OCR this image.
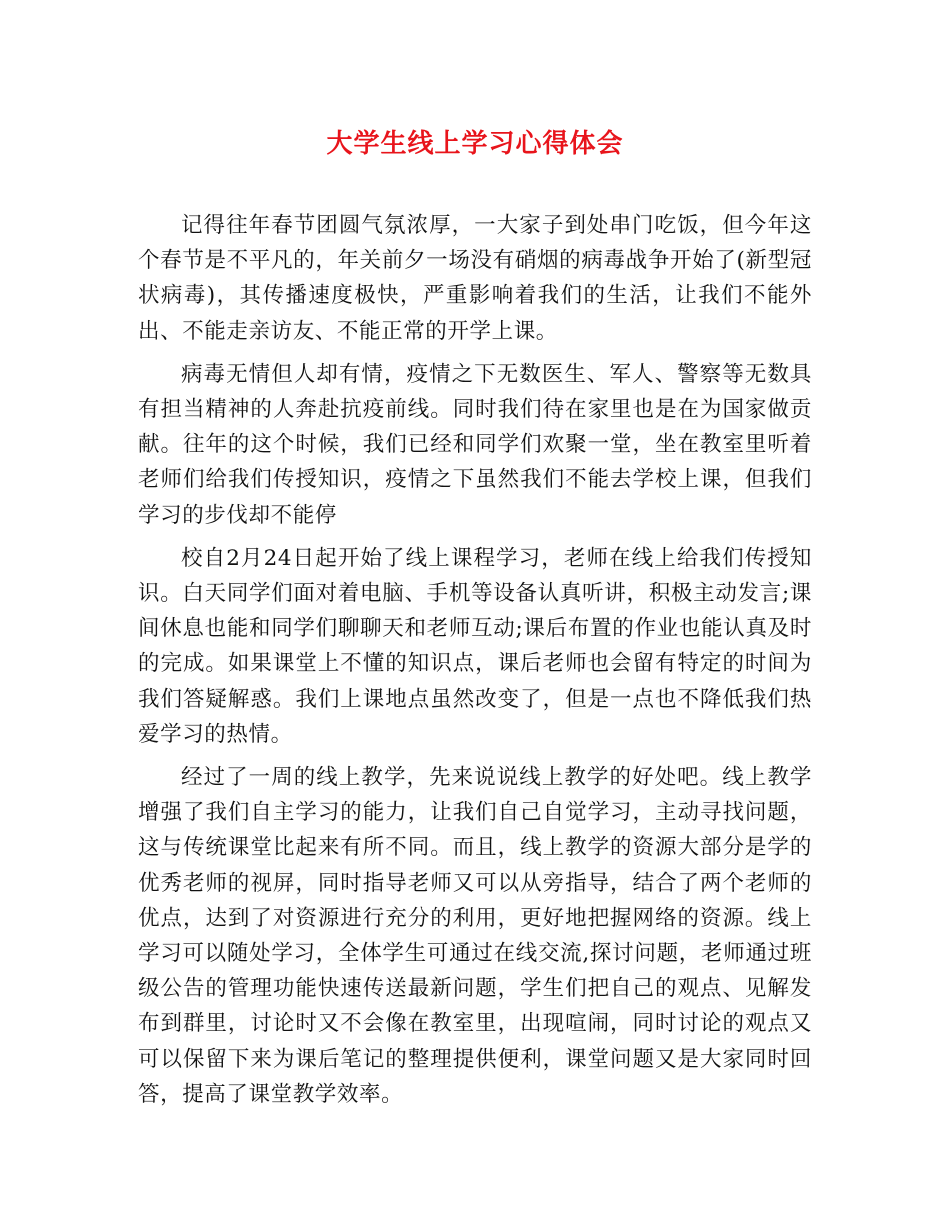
大学生线上学习心得体会

记得往年春节团圆气氛浓厚，一大家子到处串门吃饭，但今年这个春节是不平凡的，年关前夕一场没有硝烟的病毒战争开始了(新型冠状病毒)，其传播速度极快，严重影响着我们的生活，让我们不能外出、不能走亲访友、不能正常的开学上课。

病毒无情但人却有情，疫情之下无数医生、军人、警察等无数具有担当精神的人奔赴抗疫前线。同时我们待在家里也是在为国家做贡献。往年的这个时候，我们已经和同学们欢聚一堂，坐在教室里听着老师们给我们传授知识，疫情之下虽然我们不能去学校上课，但我们学习的步伐却不能停

校自2月24日起开始了线上课程学习，老师在线上给我们传授知识。白天同学们面对着电脑、手机等设备认真听讲，积极主动发言;课间休息也能和同学们聊聊天和老师互动;课后布置的作业也能认真及时的完成。如果课堂上不懂的知识点，课后老师也会留有特定的时间为我们答疑解惑。我们上课地点虽然改变了，但是一点也不降低我们热爱学习的热情。

经过了一周的线上教学，先来说说线上教学的好处吧。线上教学增强了我们自主学习的能力，让我们自己自觉学习，主动寻找问题，这与传统课堂比起来有所不同。而且，线上教学的资源大部分是学的优秀老师的视屏，同时指导老师又可以从旁指导，结合了两个老师的优点，达到了对资源进行充分的利用，更好地把握网络的资源。线上学习可以随处学习，全体学生可通过在线交流,探讨问题，老师通过班级公告的管理功能快速传送最新问题，学生们把自己的观点、见解发布到群里，讨论时又不会像在教室里，出现喧闹，同时讨论的观点又可以保留下来为课后笔记的整理提供便利，课堂问题又是大家同时回答，提高了课堂教学效率。
